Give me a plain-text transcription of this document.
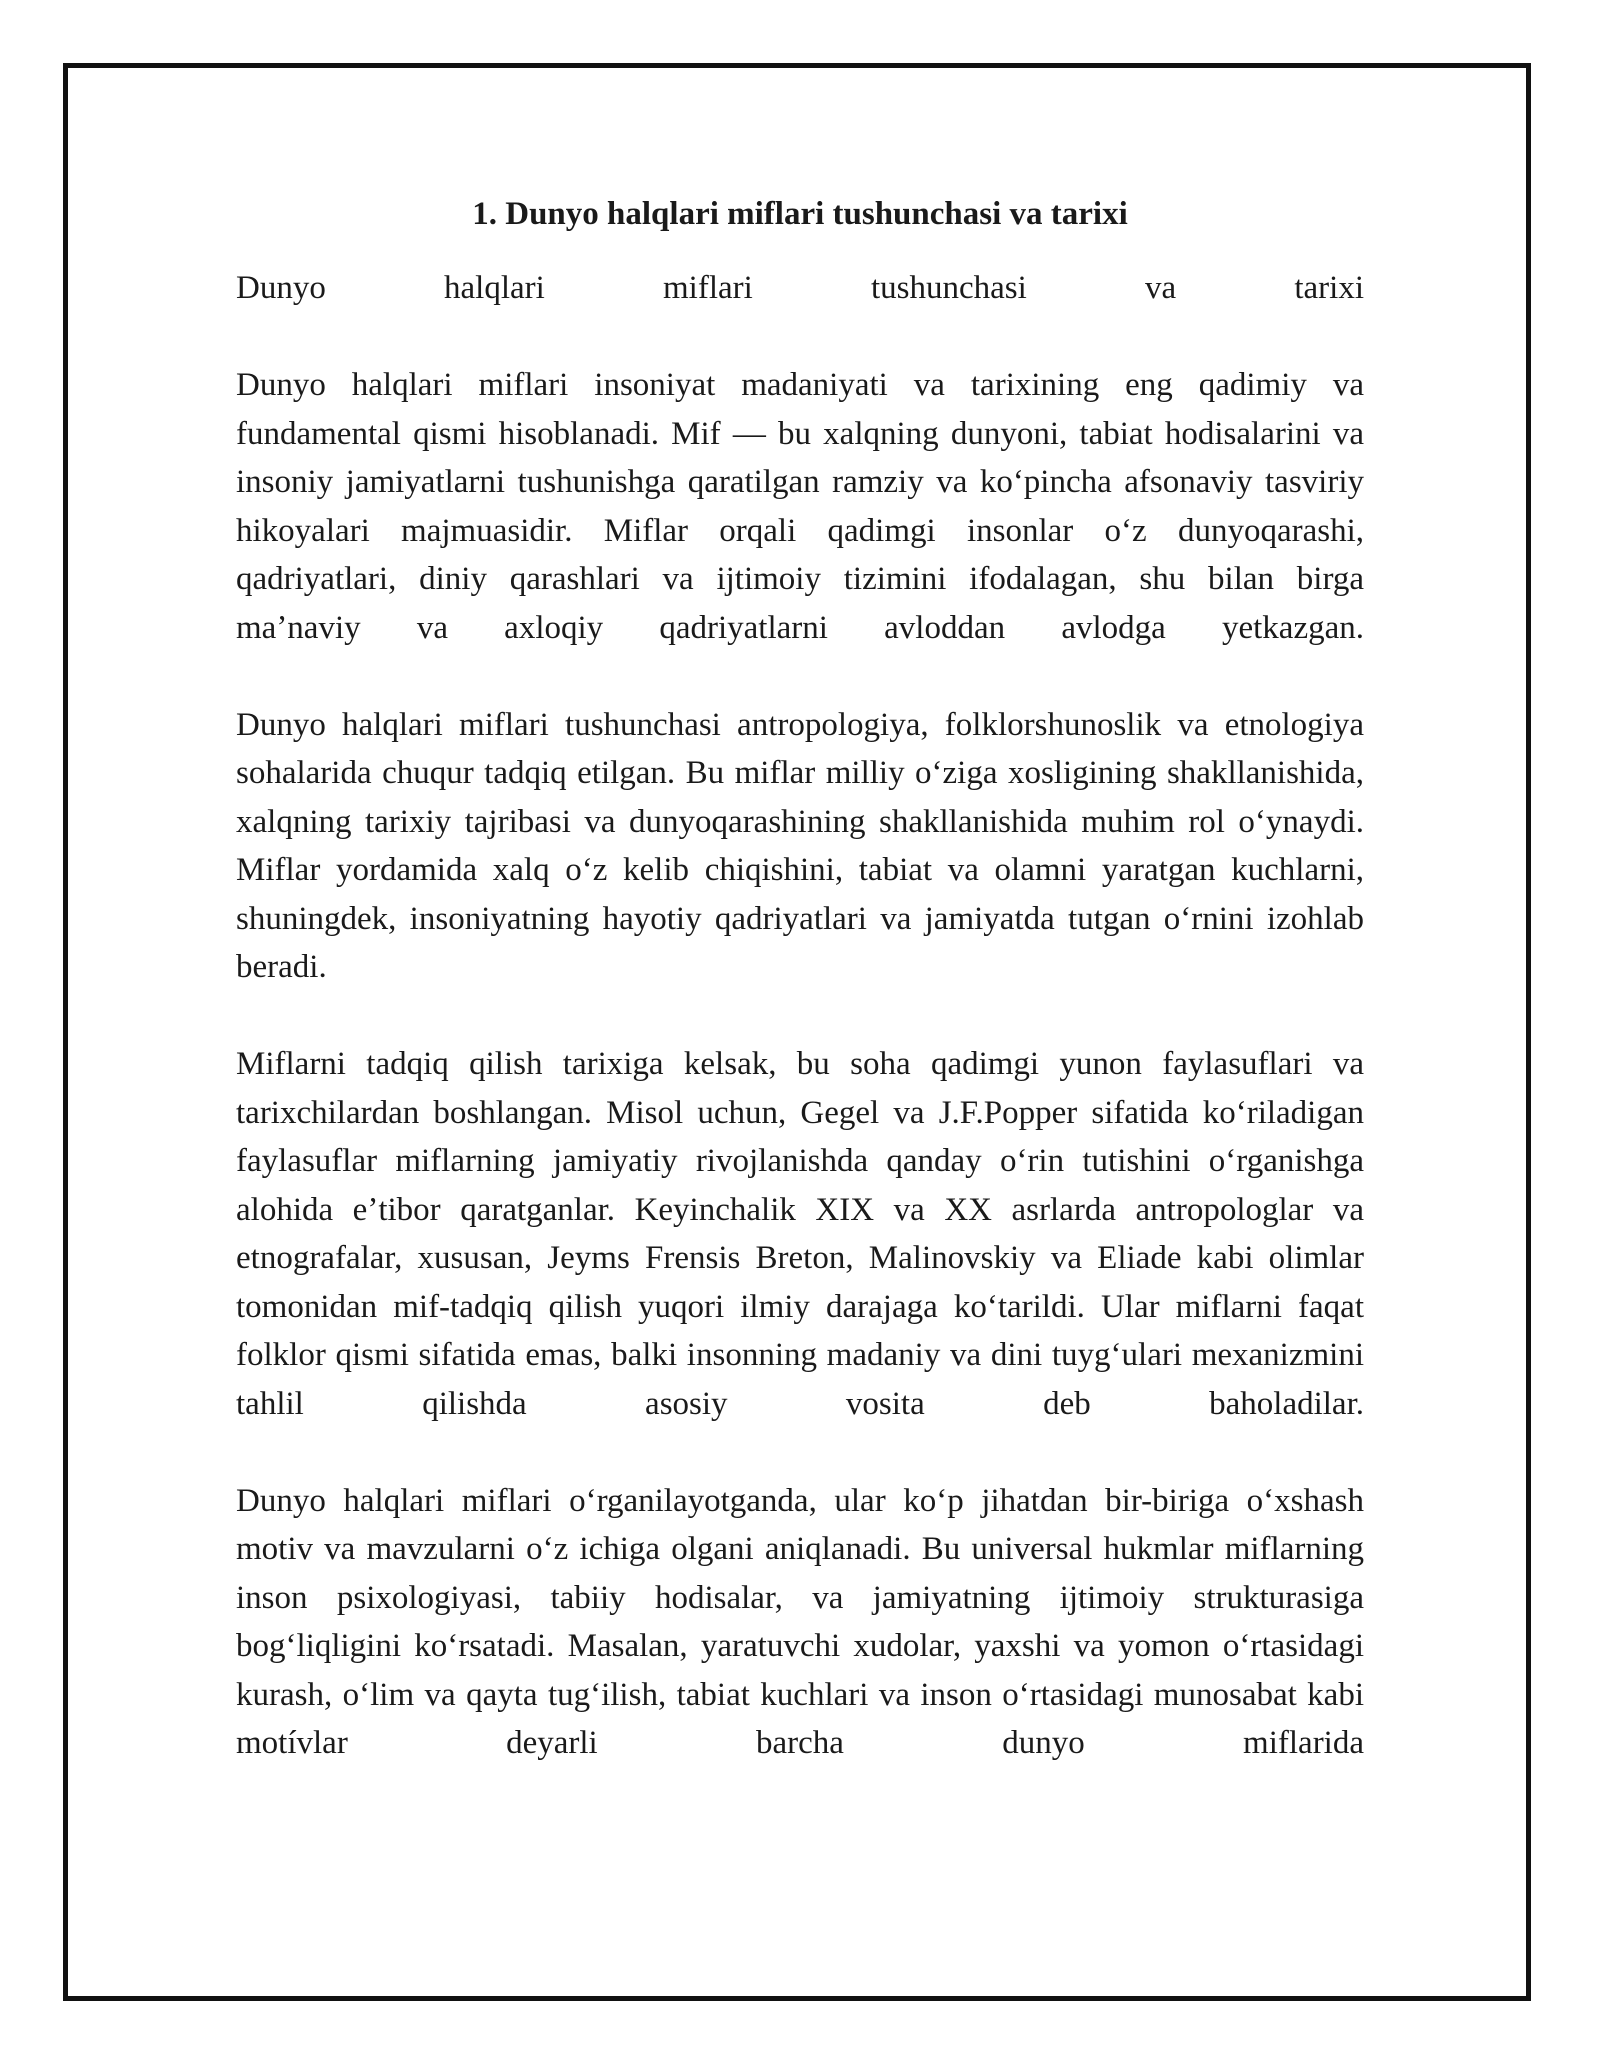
1. Dunyo halqlari miflari tushunchasi va tarixi

Dunyo halqlari miflari tushunchasi va tarixi

Dunyo halqlari miflari insoniyat madaniyati va tarixining eng qadimiy va fundamental qismi hisoblanadi. Mif — bu xalqning dunyoni, tabiat hodisalarini va insoniy jamiyatlarni tushunishga qaratilgan ramziy va koʻpincha afsonaviy tasviriy hikoyalari majmuasidir. Miflar orqali qadimgi insonlar oʻz dunyoqarashi, qadriyatlari, diniy qarashlari va ijtimoiy tizimini ifodalagan, shu bilan birga maʼnaviy va axloqiy qadriyatlarni avloddan avlodga yetkazgan.

Dunyo halqlari miflari tushunchasi antropologiya, folklorshunoslik va etnologiya sohalarida chuqur tadqiq etilgan. Bu miflar milliy oʻziga xosligining shakllanishida, xalqning tarixiy tajribasi va dunyoqarashining shakllanishida muhim rol oʻynaydi. Miflar yordamida xalq oʻz kelib chiqishini, tabiat va olamni yaratgan kuchlarni, shuningdek, insoniyatning hayotiy qadriyatlari va jamiyatda tutgan oʻrnini izohlab beradi.

Miflarni tadqiq qilish tarixiga kelsak, bu soha qadimgi yunon faylasuflari va tarixchilardan boshlangan. Misol uchun, Gegel va J.F.Popper sifatida koʻriladigan faylasuflar miflarning jamiyatiy rivojlanishda qanday oʻrin tutishini oʻrganishga alohida eʼtibor qaratganlar. Keyinchalik XIX va XX asrlarda antropologlar va etnografalar, xususan, Jeyms Frensis Breton, Malinovskiy va Eliade kabi olimlar tomonidan mif-tadqiq qilish yuqori ilmiy darajaga koʻtarildi. Ular miflarni faqat folklor qismi sifatida emas, balki insonning madaniy va dini tuygʻulari mexanizmini tahlil qilishda asosiy vosita deb baholadilar.

Dunyo halqlari miflari oʻrganilayotganda, ular koʻp jihatdan bir-biriga oʻxshash motiv va mavzularni oʻz ichiga olgani aniqlanadi. Bu universal hukmlar miflarning inson psixologiyasi, tabiiy hodisalar, va jamiyatning ijtimoiy strukturasiga bogʻliqligini koʻrsatadi. Masalan, yaratuvchi xudolar, yaxshi va yomon oʻrtasidagi kurash, oʻlim va qayta tugʻilish, tabiat kuchlari va inson oʻrtasidagi munosabat kabi motívlar deyarli barcha dunyo miflarida
